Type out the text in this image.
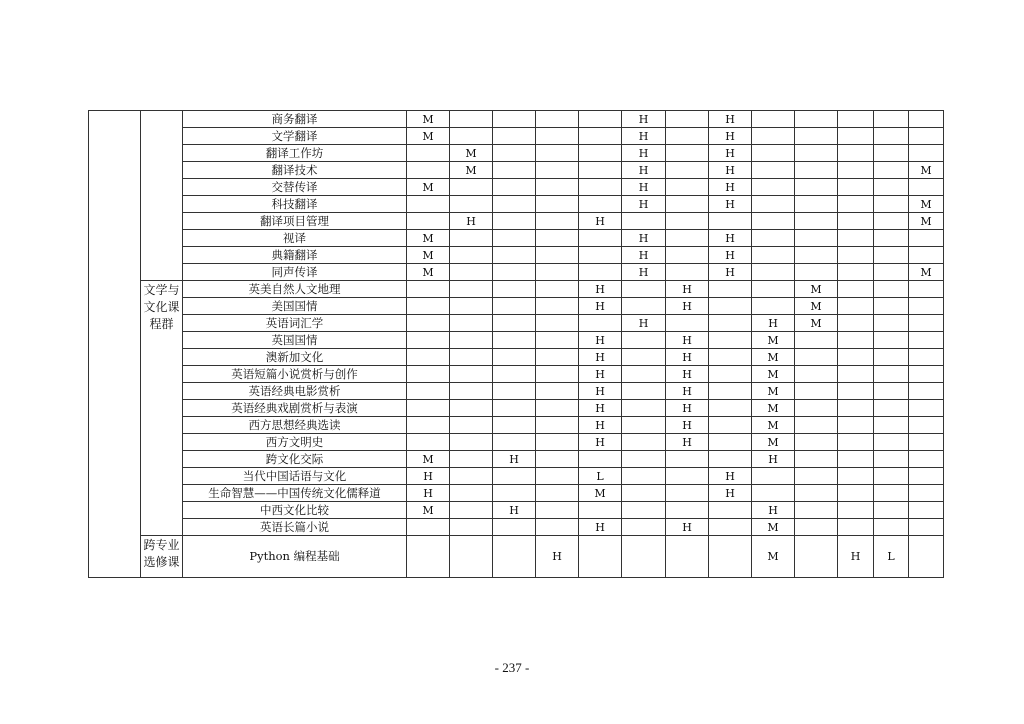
		商务翻译	M					H		H					
		文学翻译	M					H		H					
		翻译工作坊		M				H		H					
		翻译技术		M				H		H					M
		交替传译	M					H		H					
		科技翻译						H		H					M
		翻译项目管理		H			H								M
		视译	M					H		H					
		典籍翻译	M					H		H					
		同声传译	M					H		H					M
	文学与文化课程群	英美自然人文地理					H		H			M			
		美国国情					H		H			M			
		英语词汇学						H			H	M			
		英国国情					H		H		M				
		澳新加文化					H		H		M				
		英语短篇小说赏析与创作					H		H		M				
		英语经典电影赏析					H		H		M				
		英语经典戏剧赏析与表演					H		H		M				
		西方思想经典选读					H		H		M				
		西方文明史					H		H		M				
		跨文化交际	M		H						H				
		当代中国话语与文化	H				L			H					
		生命智慧——中国传统文化儒释道	H				M			H					
		中西文化比较	M		H						H				
		英语长篇小说					H		H		M				
	跨专业选修课	Python 编程基础				H					M		H	L	
- 237 -
